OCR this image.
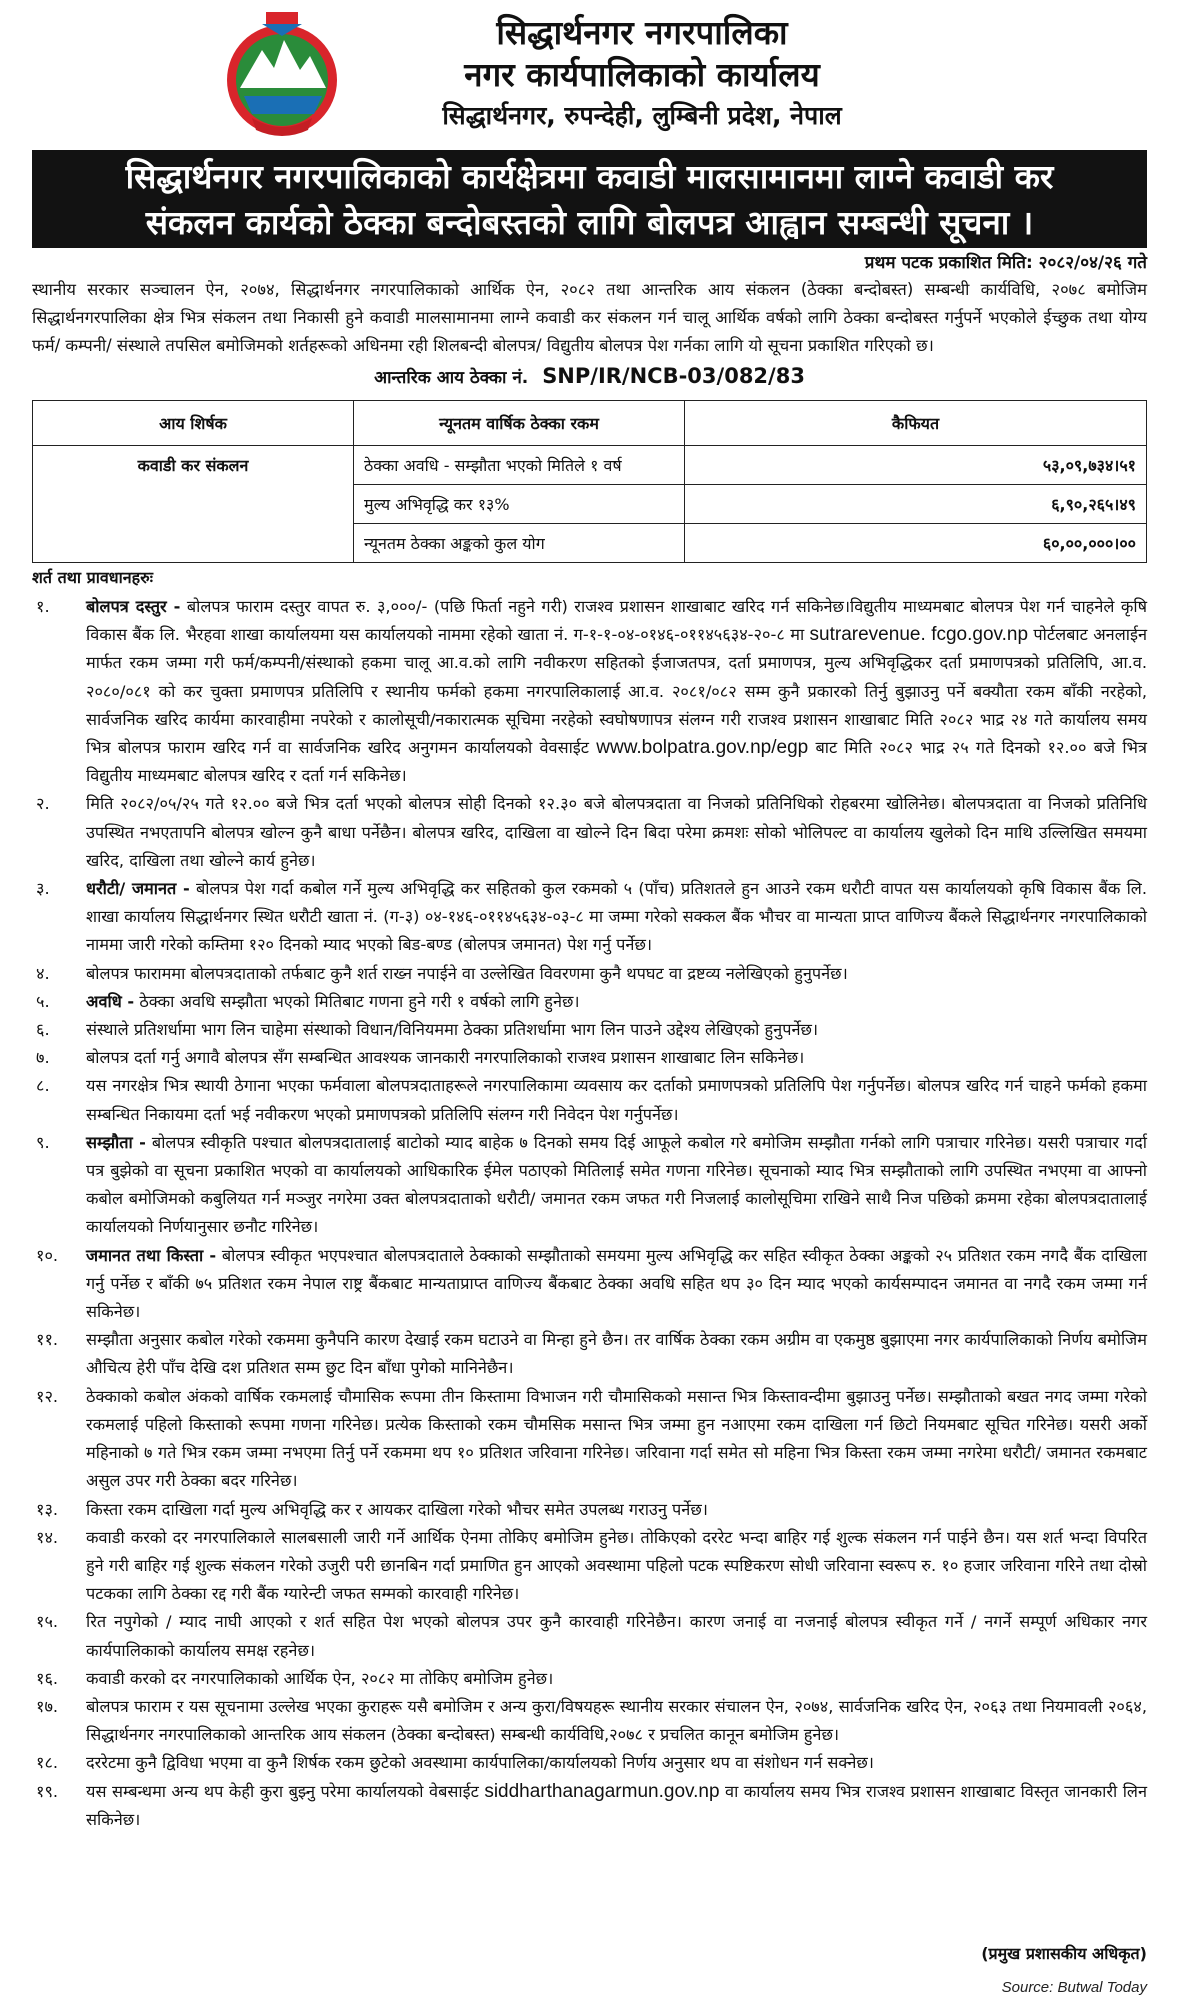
सिद्धार्थनगर नगरपालिका
नगर कार्यपालिकाको कार्यालय
सिद्धार्थनगर, रुपन्देही, लुम्बिनी प्रदेश, नेपाल
सिद्धार्थनगर नगरपालिकाको कार्यक्षेत्रमा कवाडी मालसामानमा लाग्ने कवाडी कर
संकलन कार्यको ठेक्का बन्दोबस्तको लागि बोलपत्र आह्वान सम्बन्धी सूचना ।
प्रथम पटक प्रकाशित मिति: २०८२/०४/२६ गते
स्थानीय सरकार सञ्चालन ऐन, २०७४, सिद्धार्थनगर नगरपालिकाको आर्थिक ऐन, २०८२ तथा आन्तरिक आय संकलन (ठेक्का बन्दोबस्त) सम्बन्धी कार्यविधि, २०७८ बमोजिम सिद्धार्थनगरपालिका क्षेत्र भित्र संकलन तथा निकासी हुने कवाडी मालसामानमा लाग्ने कवाडी कर संकलन गर्न चालू आर्थिक वर्षको लागि ठेक्का बन्दोबस्त गर्नुपर्ने भएकोले ईच्छुक तथा योग्य फर्म/ कम्पनी/ संस्थाले तपसिल बमोजिमको शर्तहरूको अधिनमा रही शिलबन्दी बोलपत्र/ विद्युतीय बोलपत्र पेश गर्नका लागि यो सूचना प्रकाशित गरिएको छ।
आन्तरिक आय ठेक्का नं. SNP/IR/NCB-03/082/83
आय शिर्षक	न्यूनतम वार्षिक ठेक्का रकम	कैफियत
कवाडी कर संकलन	ठेक्का अवधि - सम्झौता भएको मितिले १ वर्ष	५३,०९,७३४।५१
	मुल्य अभिवृद्धि कर १३%	६,९०,२६५।४९
	न्यूनतम ठेक्का अङ्कको कुल योग	६०,००,०००।००
शर्त तथा प्रावधानहरुः
१.	बोलपत्र दस्तुर - बोलपत्र फाराम दस्तुर वापत रु. ३,०००/- (पछि फिर्ता नहुने गरी) राजश्व प्रशासन शाखाबाट खरिद गर्न सकिनेछ।विद्युतीय माध्यमबाट बोलपत्र पेश गर्न चाहनेले कृषि विकास बैंक लि. भैरहवा शाखा कार्यालयमा यस कार्यालयको नाममा रहेको खाता नं. ग-१-१-०४-०१४६-०११४५६३४-२०-८ मा sutrarevenue. fcgo.gov.np पोर्टलबाट अनलाईन मार्फत रकम जम्मा गरी फर्म/कम्पनी/संस्थाको हकमा चालू आ.व.को लागि नवीकरण सहितको ईजाजतपत्र, दर्ता प्रमाणपत्र, मुल्य अभिवृद्धिकर दर्ता प्रमाणपत्रको प्रतिलिपि, आ.व. २०८०/०८१ को कर चुक्ता प्रमाणपत्र प्रतिलिपि र स्थानीय फर्मको हकमा नगरपालिकालाई आ.व. २०८१/०८२ सम्म कुनै प्रकारको तिर्नु बुझाउनु पर्ने बक्यौता रकम बाँकी नरहेको, सार्वजनिक खरिद कार्यमा कारवाहीमा नपरेको र कालोसूची/नकारात्मक सूचिमा नरहेको स्वघोषणापत्र संलग्न गरी राजश्व प्रशासन शाखाबाट मिति २०८२ भाद्र २४ गते कार्यालय समय भित्र बोलपत्र फाराम खरिद गर्न वा सार्वजनिक खरिद अनुगमन कार्यालयको वेवसाईट www.bolpatra.gov.np/egp बाट मिति २०८२ भाद्र २५ गते दिनको १२.०० बजे भित्र विद्युतीय माध्यमबाट बोलपत्र खरिद र दर्ता गर्न सकिनेछ।
२.	मिति २०८२/०५/२५ गते १२.०० बजे भित्र दर्ता भएको बोलपत्र सोही दिनको १२.३० बजे बोलपत्रदाता वा निजको प्रतिनिधिको रोहबरमा खोलिनेछ। बोलपत्रदाता वा निजको प्रतिनिधि उपस्थित नभएतापनि बोलपत्र खोल्न कुनै बाधा पर्नेछैन। बोलपत्र खरिद, दाखिला वा खोल्ने दिन बिदा परेमा क्रमशः सोको भोलिपल्ट वा कार्यालय खुलेको दिन माथि उल्लिखित समयमा खरिद, दाखिला तथा खोल्ने कार्य हुनेछ।
३.	धरौटी/ जमानत - बोलपत्र पेश गर्दा कबोल गर्ने मुल्य अभिवृद्धि कर सहितको कुल रकमको ५ (पाँच) प्रतिशतले हुन आउने रकम धरौटी वापत यस कार्यालयको कृषि विकास बैंक लि. शाखा कार्यालय सिद्धार्थनगर स्थित धरौटी खाता नं. (ग-३) ०४-१४६-०११४५६३४-०३-८ मा जम्मा गरेको सक्कल बैंक भौचर वा मान्यता प्राप्त वाणिज्य बैंकले सिद्धार्थनगर नगरपालिकाको नाममा जारी गरेको कम्तिमा १२० दिनको म्याद भएको बिड-बण्ड (बोलपत्र जमानत) पेश गर्नु पर्नेछ।
४.	बोलपत्र फाराममा बोलपत्रदाताको तर्फबाट कुनै शर्त राख्न नपाईने वा उल्लेखित विवरणमा कुनै थपघट वा द्रष्टव्य नलेखिएको हुनुपर्नेछ।
५.	अवधि - ठेक्का अवधि सम्झौता भएको मितिबाट गणना हुने गरी १ वर्षको लागि हुनेछ।
६.	संस्थाले प्रतिशर्धामा भाग लिन चाहेमा संस्थाको विधान/विनियममा ठेक्का प्रतिशर्धामा भाग लिन पाउने उद्देश्य लेखिएको हुनुपर्नेछ।
७.	बोलपत्र दर्ता गर्नु अगावै बोलपत्र सँग सम्बन्धित आवश्यक जानकारी नगरपालिकाको राजश्व प्रशासन शाखाबाट लिन सकिनेछ।
८.	यस नगरक्षेत्र भित्र स्थायी ठेगाना भएका फर्मवाला बोलपत्रदाताहरूले नगरपालिकामा व्यवसाय कर दर्ताको प्रमाणपत्रको प्रतिलिपि पेश गर्नुपर्नेछ। बोलपत्र खरिद गर्न चाहने फर्मको हकमा सम्बन्धित निकायमा दर्ता भई नवीकरण भएको प्रमाणपत्रको प्रतिलिपि संलग्न गरी निवेदन पेश गर्नुपर्नेछ।
९.	सम्झौता - बोलपत्र स्वीकृति पश्चात बोलपत्रदातालाई बाटोको म्याद बाहेक ७ दिनको समय दिई आफूले कबोल गरे बमोजिम सम्झौता गर्नको लागि पत्राचार गरिनेछ। यसरी पत्राचार गर्दा पत्र बुझेको वा सूचना प्रकाशित भएको वा कार्यालयको आधिकारिक ईमेल पठाएको मितिलाई समेत गणना गरिनेछ। सूचनाको म्याद भित्र सम्झौताको लागि उपस्थित नभएमा वा आफ्नो कबोल बमोजिमको कबुलियत गर्न मञ्जुर नगरेमा उक्त बोलपत्रदाताको धरौटी/ जमानत रकम जफत गरी निजलाई कालोसूचिमा राखिने साथै निज पछिको क्रममा रहेका बोलपत्रदातालाई कार्यालयको निर्णयानुसार छनौट गरिनेछ।
१०.	जमानत तथा किस्ता - बोलपत्र स्वीकृत भएपश्चात बोलपत्रदाताले ठेक्काको सम्झौताको समयमा मुल्य अभिवृद्धि कर सहित स्वीकृत ठेक्का अङ्कको २५ प्रतिशत रकम नगदै बैंक दाखिला गर्नु पर्नेछ र बाँकी ७५ प्रतिशत रकम नेपाल राष्ट्र बैंकबाट मान्यताप्राप्त वाणिज्य बैंकबाट ठेक्का अवधि सहित थप ३० दिन म्याद भएको कार्यसम्पादन जमानत वा नगदै रकम जम्मा गर्न सकिनेछ।
११.	सम्झौता अनुसार कबोल गरेको रकममा कुनैपनि कारण देखाई रकम घटाउने वा मिन्हा हुने छैन। तर वार्षिक ठेक्का रकम अग्रीम वा एकमुष्ठ बुझाएमा नगर कार्यपालिकाको निर्णय बमोजिम औचित्य हेरी पाँच देखि दश प्रतिशत सम्म छुट दिन बाँधा पुगेको मानिनेछैन।
१२.	ठेक्काको कबोल अंकको वार्षिक रकमलाई चौमासिक रूपमा तीन किस्तामा विभाजन गरी चौमासिकको मसान्त भित्र किस्तावन्दीमा बुझाउनु पर्नेछ। सम्झौताको बखत नगद जम्मा गरेको रकमलाई पहिलो किस्ताको रूपमा गणना गरिनेछ। प्रत्येक किस्ताको रकम चौमसिक मसान्त भित्र जम्मा हुन नआएमा रकम दाखिला गर्न छिटो नियमबाट सूचित गरिनेछ। यसरी अर्को महिनाको ७ गते भित्र रकम जम्मा नभएमा तिर्नु पर्ने रकममा थप १० प्रतिशत जरिवाना गरिनेछ। जरिवाना गर्दा समेत सो महिना भित्र किस्ता रकम जम्मा नगरेमा धरौटी/ जमानत रकमबाट असुल उपर गरी ठेक्का बदर गरिनेछ।
१३.	किस्ता रकम दाखिला गर्दा मुल्य अभिवृद्धि कर र आयकर दाखिला गरेको भौचर समेत उपलब्ध गराउनु पर्नेछ।
१४.	कवाडी करको दर नगरपालिकाले सालबसाली जारी गर्ने आर्थिक ऐनमा तोकिए बमोजिम हुनेछ। तोकिएको दररेट भन्दा बाहिर गई शुल्क संकलन गर्न पाईने छैन। यस शर्त भन्दा विपरित हुने गरी बाहिर गई शुल्क संकलन गरेको उजुरी परी छानबिन गर्दा प्रमाणित हुन आएको अवस्थामा पहिलो पटक स्पष्टिकरण सोधी जरिवाना स्वरूप रु. १० हजार जरिवाना गरिने तथा दोस्रो पटकका लागि ठेक्का रद्द गरी बैंक ग्यारेन्टी जफत सम्मको कारवाही गरिनेछ।
१५.	रित नपुगेको / म्याद नाघी आएको र शर्त सहित पेश भएको बोलपत्र उपर कुनै कारवाही गरिनेछैन। कारण जनाई वा नजनाई बोलपत्र स्वीकृत गर्ने / नगर्ने सम्पूर्ण अधिकार नगर कार्यपालिकाको कार्यालय समक्ष रहनेछ।
१६.	कवाडी करको दर नगरपालिकाको आर्थिक ऐन, २०८२ मा तोकिए बमोजिम हुनेछ।
१७.	बोलपत्र फाराम र यस सूचनामा उल्लेख भएका कुराहरू यसै बमोजिम र अन्य कुरा/विषयहरू स्थानीय सरकार संचालन ऐन, २०७४, सार्वजनिक खरिद ऐन, २०६३ तथा नियमावली २०६४, सिद्धार्थनगर नगरपालिकाको आन्तरिक आय संकलन (ठेक्का बन्दोबस्त) सम्बन्धी कार्यविधि,२०७८ र प्रचलित कानून बमोजिम हुनेछ।
१८.	दररेटमा कुनै द्विविधा भएमा वा कुनै शिर्षक रकम छुटेको अवस्थामा कार्यपालिका/कार्यालयको निर्णय अनुसार थप वा संशोधन गर्न सक्नेछ।
१९.	यस सम्बन्धमा अन्य थप केही कुरा बुझ्नु परेमा कार्यालयको वेबसाईट siddharthanagarmun.gov.np वा कार्यालय समय भित्र राजश्व प्रशासन शाखाबाट विस्तृत जानकारी लिन सकिनेछ।
(प्रमुख प्रशासकीय अधिकृत)
Source: Butwal Today
